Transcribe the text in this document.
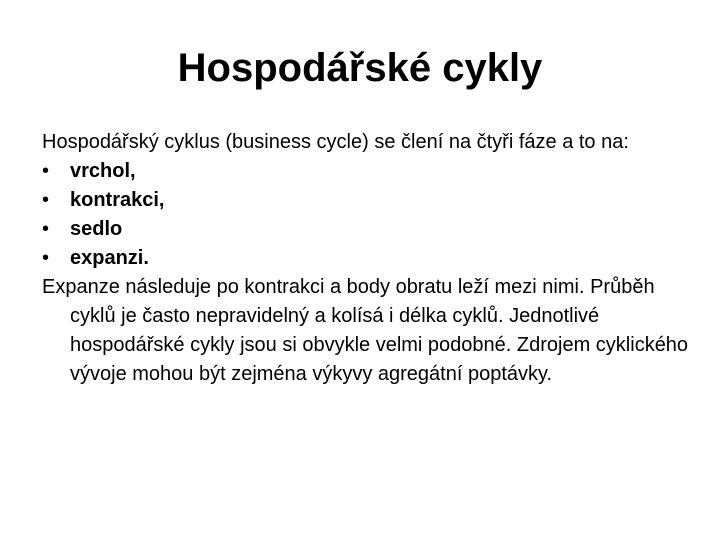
Hospodářské cykly

Hospodářský cyklus (business cycle) se člení na čtyři fáze a to na:

•	vrchol,
•	kontrakci,
•	sedlo
•	expanzi.

Expanze následuje po kontrakci a body obratu leží mezi nimi. Průběh cyklů je často nepravidelný a kolísá i délka cyklů. Jednotlivé hospodářské cykly jsou si obvykle velmi podobné. Zdrojem cyklického vývoje mohou být zejména výkyvy agregátní poptávky.
